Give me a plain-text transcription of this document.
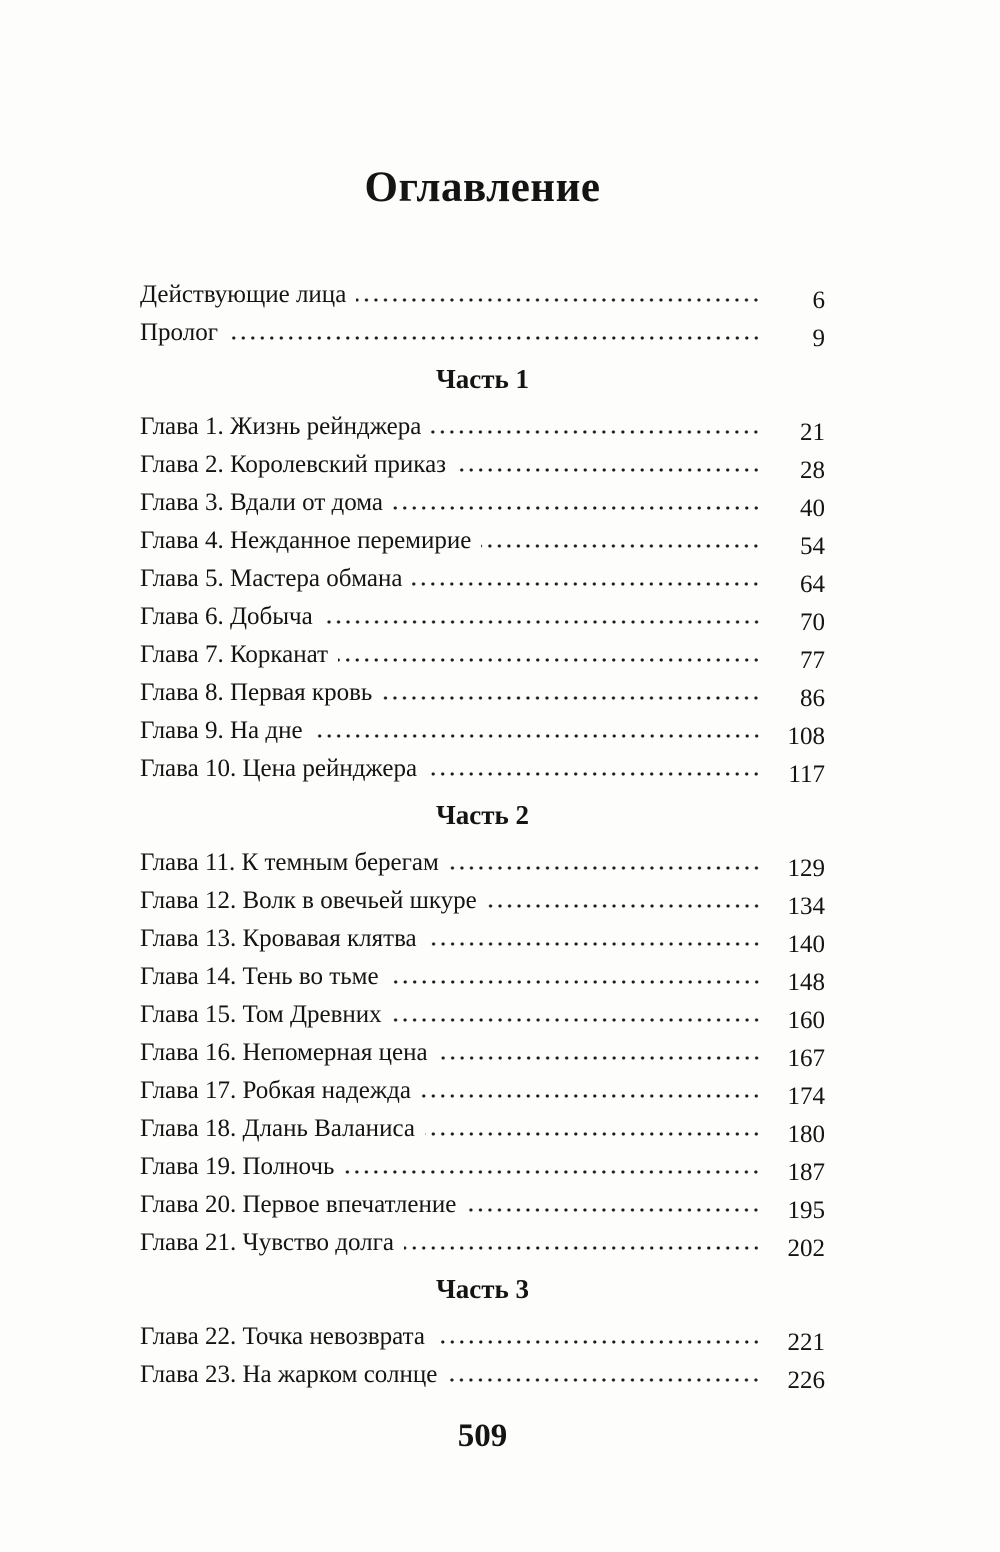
Оглавление
Действующие лица	6
Пролог	9
Часть 1
Глава 1. Жизнь рейнджера	21
Глава 2. Королевский приказ	28
Глава 3. Вдали от дома	40
Глава 4. Нежданное перемирие	54
Глава 5. Мастера обмана	64
Глава 6. Добыча	70
Глава 7. Корканат	77
Глава 8. Первая кровь	86
Глава 9. На дне	108
Глава 10. Цена рейнджера	117
Часть 2
Глава 11. К темным берегам	129
Глава 12. Волк в овечьей шкуре	134
Глава 13. Кровавая клятва	140
Глава 14. Тень во тьме	148
Глава 15. Том Древних	160
Глава 16. Непомерная цена	167
Глава 17. Робкая надежда	174
Глава 18. Длань Валаниса	180
Глава 19. Полночь	187
Глава 20. Первое впечатление	195
Глава 21. Чувство долга	202
Часть 3
Глава 22. Точка невозврата	221
Глава 23. На жарком солнце	226
509
